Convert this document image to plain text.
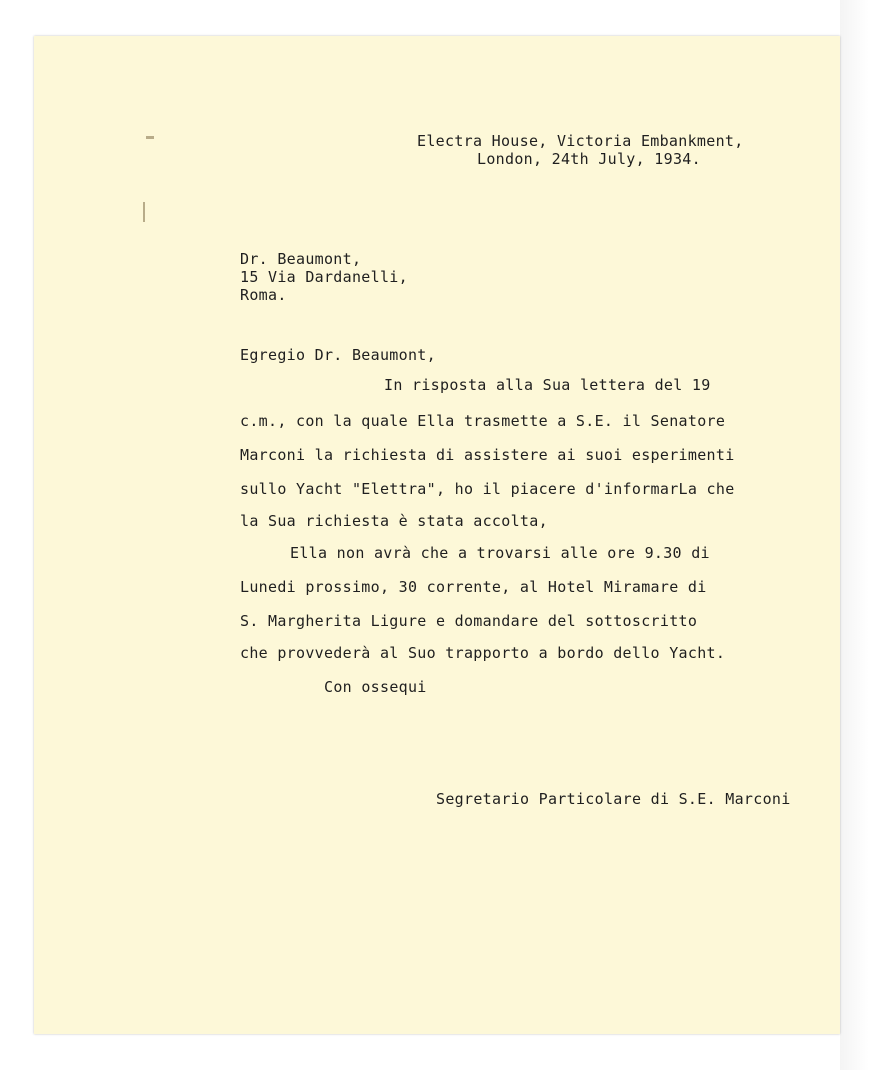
Electra House, Victoria Embankment,
London, 24th July, 1934.
Dr. Beaumont,
15 Via Dardanelli,
Roma.
Egregio Dr. Beaumont,
In risposta alla Sua lettera del 19
c.m., con la quale Ella trasmette a S.E. il Senatore
Marconi la richiesta di assistere ai suoi esperimenti
sullo Yacht "Elettra", ho il piacere d'informarLa che
la Sua richiesta è stata accolta,
Ella non avrà che a trovarsi alle ore 9.30 di
Lunedi prossimo, 30 corrente, al Hotel Miramare di
S. Margherita Ligure e domandare del sottoscritto
che provvederà al Suo trapporto a bordo dello Yacht.
Con ossequi
Segretario Particolare di S.E. Marconi
